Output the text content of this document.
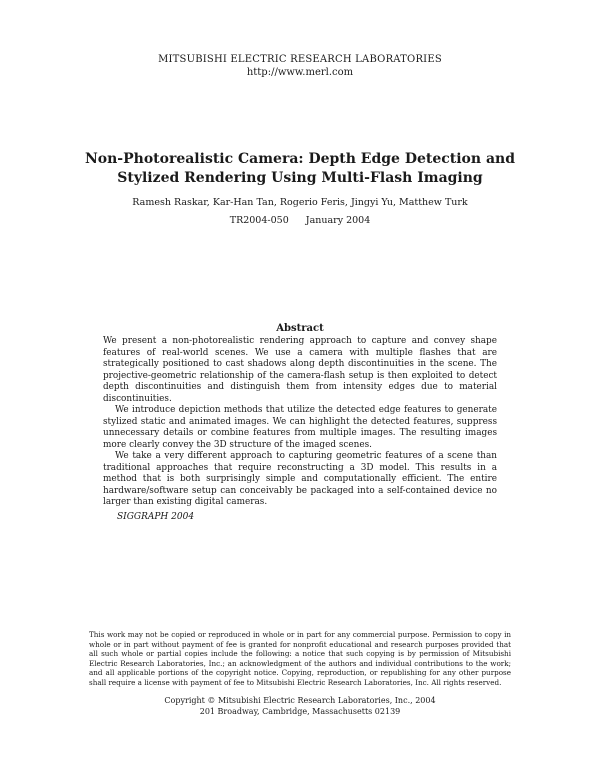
MITSUBISHI ELECTRIC RESEARCH LABORATORIES
http://www.merl.com
Non-Photorealistic Camera: Depth Edge Detection and Stylized Rendering Using Multi-Flash Imaging
Ramesh Raskar, Kar-Han Tan, Rogerio Feris, Jingyi Yu, Matthew Turk
TR2004-050 January 2004
Abstract

We present a non-photorealistic rendering approach to capture and convey shape features of real-world scenes. We use a camera with multiple flashes that are strategically positioned to cast shadows along depth discontinuities in the scene. The projective-geometric relationship of the camera-flash setup is then exploited to detect depth discontinuities and distinguish them from intensity edges due to material discontinuities.

We introduce depiction methods that utilize the detected edge features to generate stylized static and animated images. We can highlight the detected features, suppress unnecessary details or combine features from multiple images. The resulting images more clearly convey the 3D structure of the imaged scenes.

We take a very different approach to capturing geometric features of a scene than traditional approaches that require reconstructing a 3D model. This results in a method that is both surprisingly simple and computationally efficient. The entire hardware/software setup can conceivably be packaged into a self-contained device no larger than existing digital cameras.

SIGGRAPH 2004
This work may not be copied or reproduced in whole or in part for any commercial purpose. Permission to copy in whole or in part without payment of fee is granted for nonprofit educational and research purposes provided that all such whole or partial copies include the following: a notice that such copying is by permission of Mitsubishi Electric Research Laboratories, Inc.; an acknowledgment of the authors and individual contributions to the work; and all applicable portions of the copyright notice. Copying, reproduction, or republishing for any other purpose shall require a license with payment of fee to Mitsubishi Electric Research Laboratories, Inc. All rights reserved.
Copyright © Mitsubishi Electric Research Laboratories, Inc., 2004
201 Broadway, Cambridge, Massachusetts 02139
